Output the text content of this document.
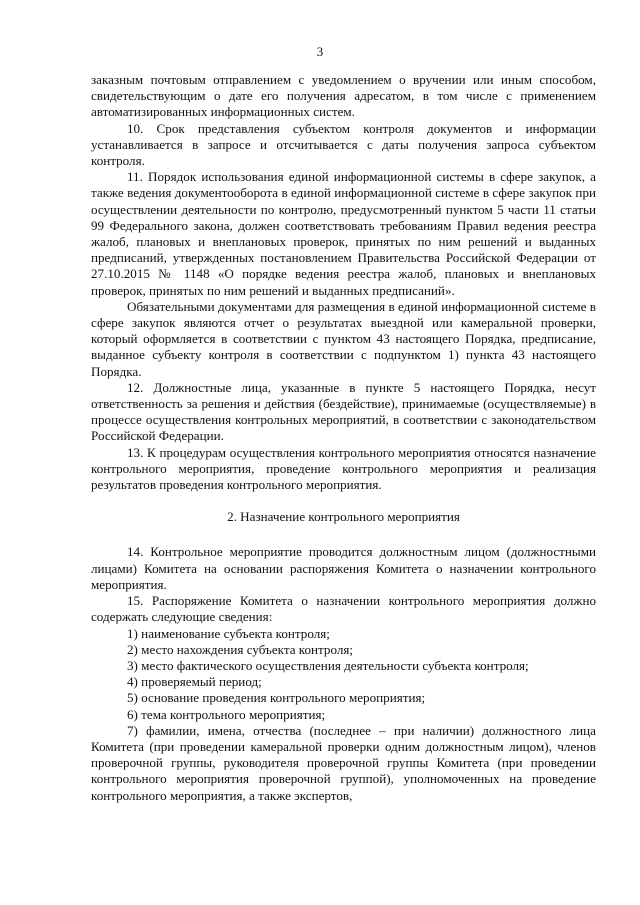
3

заказным почтовым отправлением с уведомлением о вручении или иным способом, свидетельствующим о дате его получения адресатом, в том числе с применением автоматизированных информационных систем.

10. Срок представления субъектом контроля документов и информации устанавливается в запросе и отсчитывается с даты получения запроса субъектом контроля.

11. Порядок использования единой информационной системы в сфере закупок, а также ведения документооборота в единой информационной системе в сфере закупок при осуществлении деятельности по контролю, предусмотренный пунктом 5 части 11 статьи 99 Федерального закона, должен соответствовать требованиям Правил ведения реестра жалоб, плановых и внеплановых проверок, принятых по ним решений и выданных предписаний, утвержденных постановлением Правительства Российской Федерации от 27.10.2015 № 1148 «О порядке ведения реестра жалоб, плановых и внеплановых проверок, принятых по ним решений и выданных предписаний».

Обязательными документами для размещения в единой информационной системе в сфере закупок являются отчет о результатах выездной или камеральной проверки, который оформляется в соответствии с пунктом 43 настоящего Порядка, предписание, выданное субъекту контроля в соответствии с подпунктом 1) пункта 43 настоящего Порядка.

12. Должностные лица, указанные в пункте 5 настоящего Порядка, несут ответственность за решения и действия (бездействие), принимаемые (осуществляемые) в процессе осуществления контрольных мероприятий, в соответствии с законодательством Российской Федерации.

13. К процедурам осуществления контрольного мероприятия относятся назначение контрольного мероприятия, проведение контрольного мероприятия и реализация результатов проведения контрольного мероприятия.

2. Назначение контрольного мероприятия

14. Контрольное мероприятие проводится должностным лицом (должностными лицами) Комитета на основании распоряжения Комитета о назначении контрольного мероприятия.

15. Распоряжение Комитета о назначении контрольного мероприятия должно содержать следующие сведения:

1) наименование субъекта контроля;

2) место нахождения субъекта контроля;

3) место фактического осуществления деятельности субъекта контроля;

4) проверяемый период;

5) основание проведения контрольного мероприятия;

6) тема контрольного мероприятия;

7) фамилии, имена, отчества (последнее – при наличии) должностного лица Комитета (при проведении камеральной проверки одним должностным лицом), членов проверочной группы, руководителя проверочной группы Комитета (при проведении контрольного мероприятия проверочной группой), уполномоченных на проведение контрольного мероприятия, а также экспертов,
